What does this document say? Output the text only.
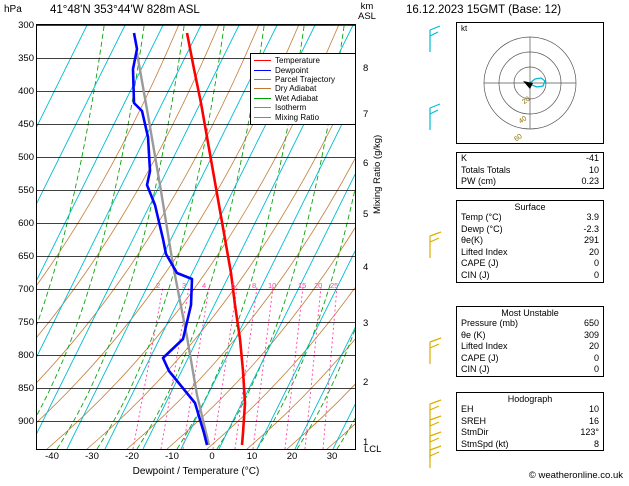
hPa 41°48'N 353°44'W 828m ASL	km
ASL
2	3 4	6 8 10	15 20 25
Temperature
Dewpoint
Parcel Trajectory
Dry Adiabat
Wet Adiabat
Isotherm
Mixing Ratio
300
350
400
450
500
550
600
650
700
750
800
850
900
1
2
3
4
5
6
7
8
LCL
-40	-30	-20	-10	0	10	20	30
Dewpoint / Temperature (°C)
Mixing Ratio (g/kg)
16.12.2023 15GMT (Base: 12)
kt
20
40
60
K	-41
Totals Totals	10
PW (cm)	0.23
Surface
Temp (°C)	3.9
Dewp (°C)	-2.3
θe(K)	291
Lifted Index	20
CAPE (J)	0
CIN (J)	0
Most Unstable
Pressure (mb)	650
θe (K)	309
Lifted Index	20
CAPE (J)	0
CIN (J)	0
Hodograph
EH	10
SREH	16
StmDir	123°
StmSpd (kt)	8
© weatheronline.co.uk
